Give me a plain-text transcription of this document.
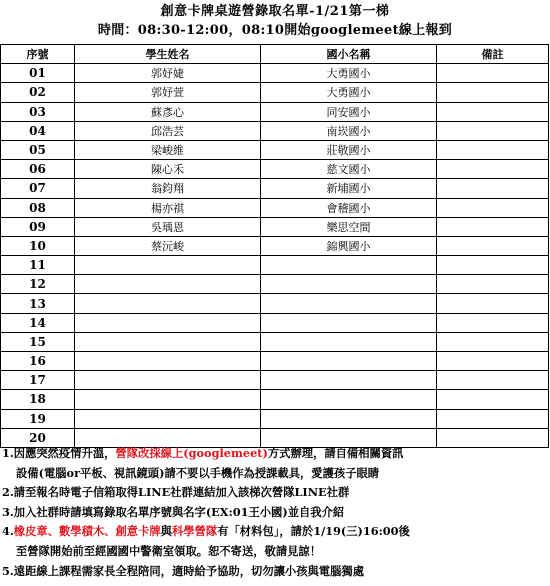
創意卡牌桌遊營錄取名單-1/21第一梯
時間：08:30-12:00，08:10開始googlemeet線上報到
序號	學生姓名	國小名稱	備註
01	郭妤婕	大勇國小	
02	郭妤萱	大勇國小	
03	蘇彥心	同安國小	
04	邱浩芸	南崁國小	
05	梁峻維	莊敬國小	
06	陳心禾	慈文國小	
07	翁鈞翔	新埔國小	
08	楊亦祺	會稽國小	
09	吳瑀恩	樂思空間	
10	蔡沅峻	錦興國小	
11			
12			
13			
14			
15			
16			
17			
18			
19			
20			
1.因應突然疫情升溫，營隊改採線上(googlemeet)方式辦理，請自備相關資訊
設備(電腦or平板、視訊鏡頭)請不要以手機作為授課載具，愛護孩子眼睛
2.請至報名時電子信箱取得LINE社群連結加入該梯次營隊LINE社群
3.加入社群時請填寫錄取名單序號與名字(EX:01王小國)並自我介紹
4.橡皮章、數學積木、創意卡牌與科學營隊有「材料包」，請於1/19(三)16:00後
至營隊開始前至經國國中警衛室領取。恕不寄送，敬請見諒！
5.遠距線上課程需家長全程陪同，適時給予協助，切勿讓小孩與電腦獨處
